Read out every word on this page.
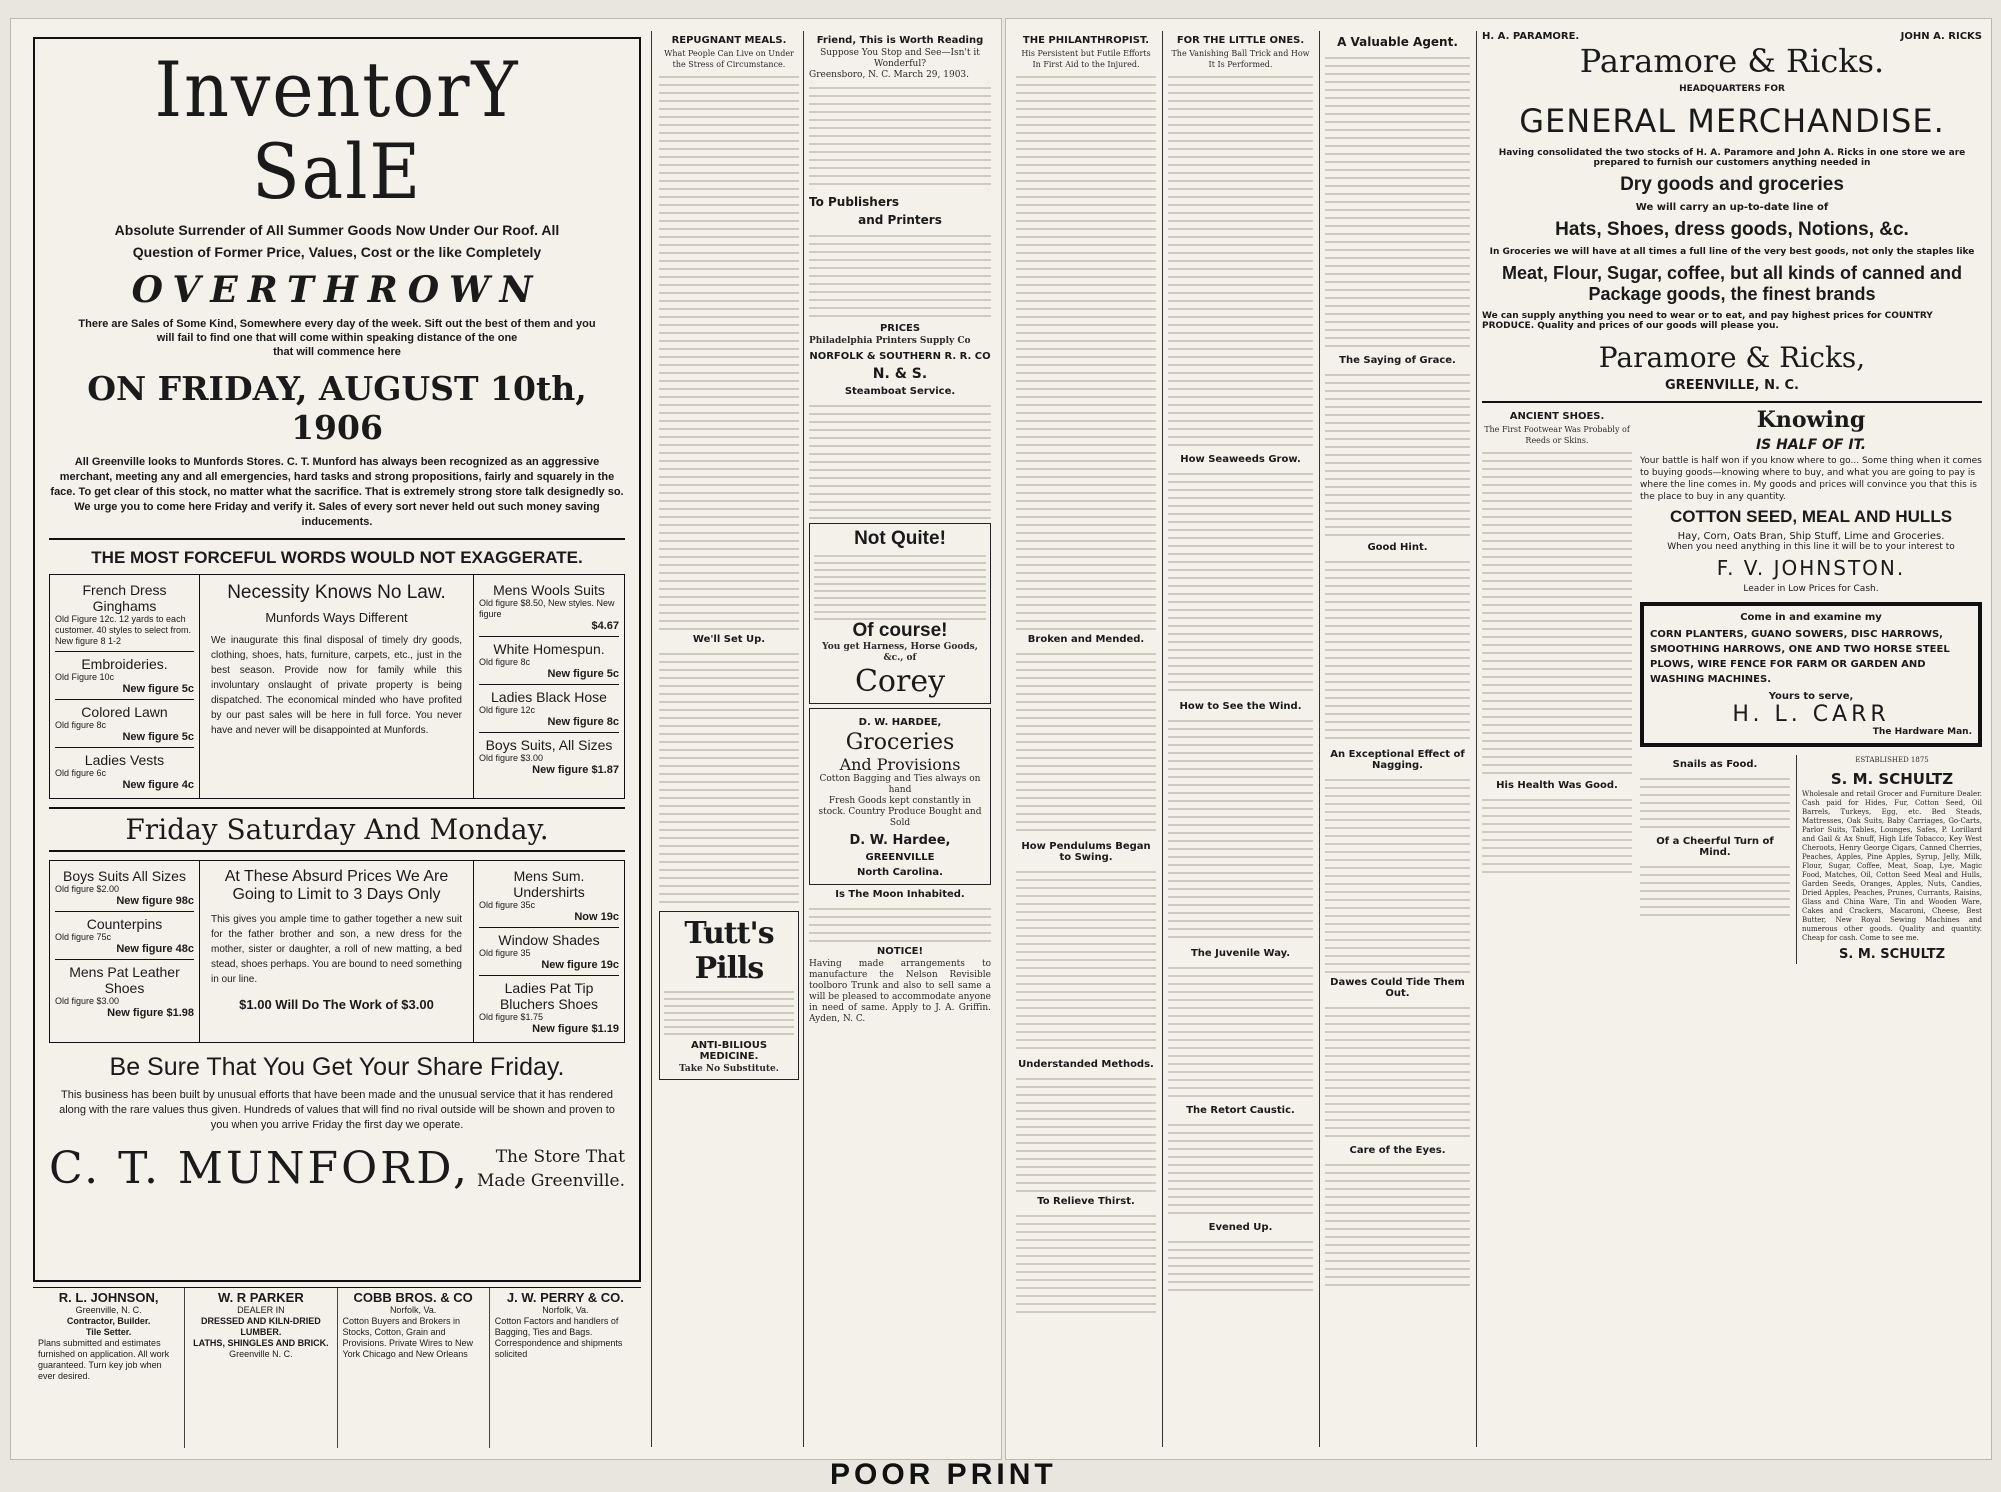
InventorY SalE
Absolute Surrender of All Summer Goods Now Under Our Roof. All
Question of Former Price, Values, Cost or the like Completely
OVERTHROWN
There are Sales of Some Kind, Somewhere every day of the week. Sift out the best of them and you
will fail to find one that will come within speaking distance of the one
that will commence here
ON FRIDAY, AUGUST 10th, 1906
All Greenville looks to Munfords Stores. C. T. Munford has always been recognized as an aggressive merchant, meeting any and all emergencies, hard tasks and strong propositions, fairly and squarely in the face. To get clear of this stock, no matter what the sacrifice. That is extremely strong store talk designedly so. We urge you to come here Friday and verify it. Sales of every sort never held out such money saving inducements.
THE MOST FORCEFUL WORDS WOULD NOT EXAGGERATE.
French Dress Ginghams
Old Figure 12c. 12 yards to each customer. 40 styles to select from. New figure 8 1-2
Embroideries.
Old Figure 10c
New figure 5c
Colored Lawn
Old figure 8c
New figure 5c
Ladies Vests
Old figure 6c
New figure 4c
Necessity Knows No Law.
Munfords Ways Different
We inaugurate this final disposal of timely dry goods, clothing, shoes, hats, furniture, carpets, etc., just in the best season. Provide now for family while this involuntary onslaught of private property is being dispatched. The economical minded who have profited by our past sales will be here in full force. You never have and never will be disappointed at Munfords.
Mens Wools Suits
Old figure $8.50, New styles. New figure
$4.67
White Homespun.
Old figure 8c
New figure 5c
Ladies Black Hose
Old figure 12c
New figure 8c
Boys Suits, All Sizes
Old figure $3.00
New figure $1.87
Friday Saturday And Monday.
Boys Suits All Sizes
Old figure $2.00
New figure 98c
Counterpins
Old figure 75c
New figure 48c
Mens Pat Leather Shoes
Old figure $3.00
New figure $1.98
At These Absurd Prices We Are Going to Limit to 3 Days Only
This gives you ample time to gather together a new suit for the father brother and son, a new dress for the mother, sister or daughter, a roll of new matting, a bed stead, shoes perhaps. You are bound to need something in our line.
$1.00 Will Do The Work of $3.00
Mens Sum. Undershirts
Old figure 35c
Now 19c
Window Shades
Old figure 35
New figure 19c
Ladies Pat Tip Bluchers Shoes
Old figure $1.75
New figure $1.19
Be Sure That You Get Your Share Friday.
This business has been built by unusual efforts that have been made and the unusual service that it has rendered along with the rare values thus given. Hundreds of values that will find no rival outside will be shown and proven to you when you arrive Friday the first day we operate.
C. T. MUNFORD,	The Store That
Made Greenville.
R. L. JOHNSON,
Greenville, N. C.
Contractor, Builder.
Tile Setter.
Plans submitted and estimates furnished on application. All work guaranteed. Turn key job when ever desired.
W. R PARKER
DEALER IN
DRESSED AND KILN-DRIED LUMBER.
LATHS, SHINGLES AND BRICK.
Greenville N. C.
COBB BROS. & CO
Norfolk, Va.
Cotton Buyers and Brokers in Stocks, Cotton, Grain and Provisions. Private Wires to New York Chicago and New Orleans
J. W. PERRY & CO.
Norfolk, Va.
Cotton Factors and handlers of Bagging, Ties and Bags.
Correspondence and shipments solicited
REPUGNANT MEALS.
What People Can Live on Under the Stress of Circumstance.
We'll Set Up.
Tutt's Pills
ANTI-BILIOUS MEDICINE.
Take No Substitute.
Friend, This is Worth Reading
Suppose You Stop and See—Isn't it Wonderful?
Greensboro, N. C. March 29, 1903.
To Publishers
and Printers
PRICES
Philadelphia Printers Supply Co
NORFOLK & SOUTHERN R. R. CO
N. & S.
Steamboat Service.
Not Quite!
Of course!
You get Harness, Horse Goods, &c., of
Corey
D. W. HARDEE,
Groceries
And Provisions
Cotton Bagging and Ties always on hand
Fresh Goods kept constantly in stock. Country Produce Bought and Sold
D. W. Hardee,
GREENVILLE
North Carolina.
Is The Moon Inhabited.
NOTICE!
Having made arrangements to manufacture the Nelson Revisible toolboro Trunk and also to sell same a will be pleased to accommodate anyone in need of same. Apply to J. A. Griffin. Ayden, N. C.
THE PHILANTHROPIST.
His Persistent but Futile Efforts In First Aid to the Injured.
Broken and Mended.
How Pendulums Began to Swing.
Understanded Methods.
To Relieve Thirst.
FOR THE LITTLE ONES.
The Vanishing Ball Trick and How It Is Performed.
How Seaweeds Grow.
How to See the Wind.
The Juvenile Way.
The Retort Caustic.
Evened Up.
A Valuable Agent.
The Saying of Grace.
Good Hint.
An Exceptional Effect of Nagging.
Dawes Could Tide Them Out.
Care of the Eyes.
H. A. PARAMORE.	JOHN A. RICKS
Paramore & Ricks.
HEADQUARTERS FOR
GENERAL MERCHANDISE.
Having consolidated the two stocks of H. A. Paramore and John A. Ricks in one store we are prepared to furnish our customers anything needed in
Dry goods and groceries
We will carry an up-to-date line of
Hats, Shoes, dress goods, Notions, &c.
In Groceries we will have at all times a full line of the very best goods, not only the staples like
Meat, Flour, Sugar, coffee, but all kinds of canned and Package goods, the finest brands
We can supply anything you need to wear or to eat, and pay highest prices for COUNTRY PRODUCE. Quality and prices of our goods will please you.
Paramore & Ricks,
GREENVILLE, N. C.
ANCIENT SHOES.
The First Footwear Was Probably of Reeds or Skins.
His Health Was Good.
Knowing
IS HALF OF IT.
Your battle is half won if you know where to go... Some thing when it comes to buying goods—knowing where to buy, and what you are going to pay is where the line comes in. My goods and prices will convince you that this is the place to buy in any quantity.
COTTON SEED, MEAL AND HULLS
Hay, Corn, Oats Bran, Ship Stuff, Lime and Groceries.
When you need anything in this line it will be to your interest to
F. V. JOHNSTON.
Leader in Low Prices for Cash.
Come in and examine my
CORN PLANTERS, GUANO SOWERS, DISC HARROWS, SMOOTHING HARROWS, ONE AND TWO HORSE STEEL PLOWS, WIRE FENCE FOR FARM OR GARDEN AND WASHING MACHINES.
Yours to serve,
H. L. CARR
The Hardware Man.
Snails as Food.
Of a Cheerful Turn of Mind.
ESTABLISHED 1875
S. M. SCHULTZ
Wholesale and retail Grocer and Furniture Dealer. Cash paid for Hides, Fur, Cotton Seed, Oil Barrels, Turkeys, Egg, etc. Bed Steads, Mattresses, Oak Suits, Baby Carriages, Go-Carts, Parlor Suits, Tables, Lounges, Safes, P. Lorillard and Gail & Ax Snuff, High Life Tobacco, Key West Cheroots, Henry George Cigars, Canned Cherries, Peaches, Apples, Pine Apples, Syrup, Jelly, Milk, Flour, Sugar, Coffee, Meat, Soap, Lye, Magic Food, Matches, Oil, Cotton Seed Meal and Hulls, Garden Seeds, Oranges, Apples, Nuts, Candies, Dried Apples, Peaches, Prunes, Currants, Raisins, Glass and China Ware, Tin and Wooden Ware, Cakes and Crackers, Macaroni, Cheese, Best Butter, New Royal Sewing Machines and numerous other goods. Quality and quantity. Cheap for cash. Come to see me.
S. M. SCHULTZ
POOR PRINT
